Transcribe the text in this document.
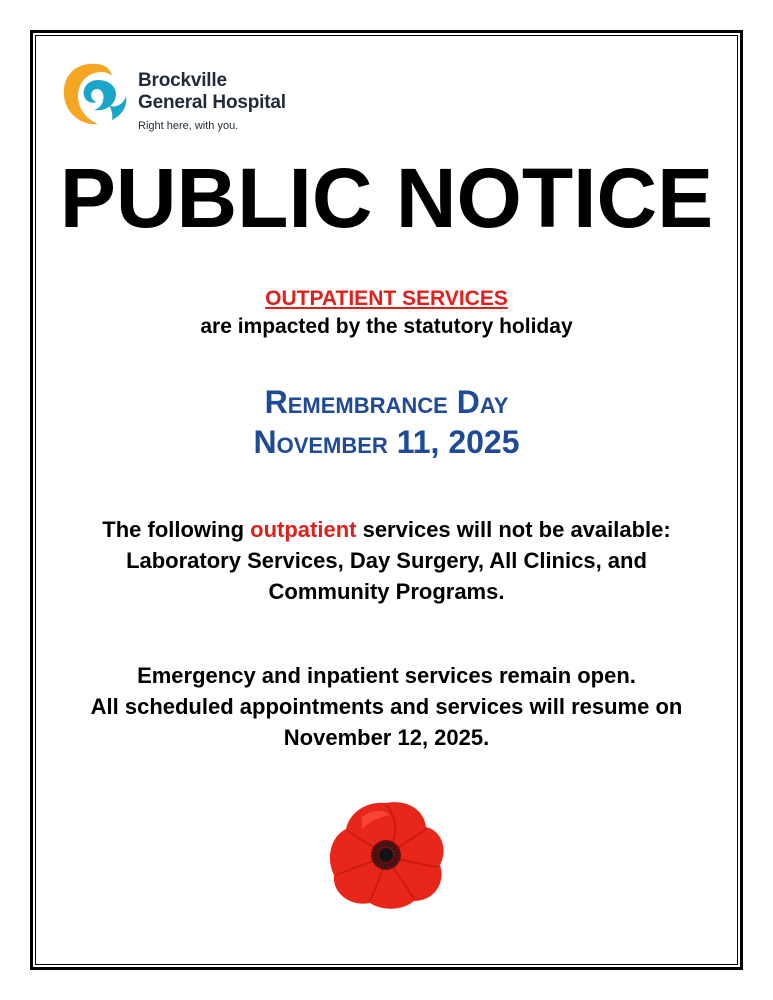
Brockville
General Hospital
Right here, with you.
PUBLIC NOTICE
OUTPATIENT SERVICES
are impacted by the statutory holiday
Remembrance Day
November 11, 2025
The following outpatient services will not be available:
Laboratory Services, Day Surgery, All Clinics, and
Community Programs.
Emergency and inpatient services remain open.
All scheduled appointments and services will resume on
November 12, 2025.
